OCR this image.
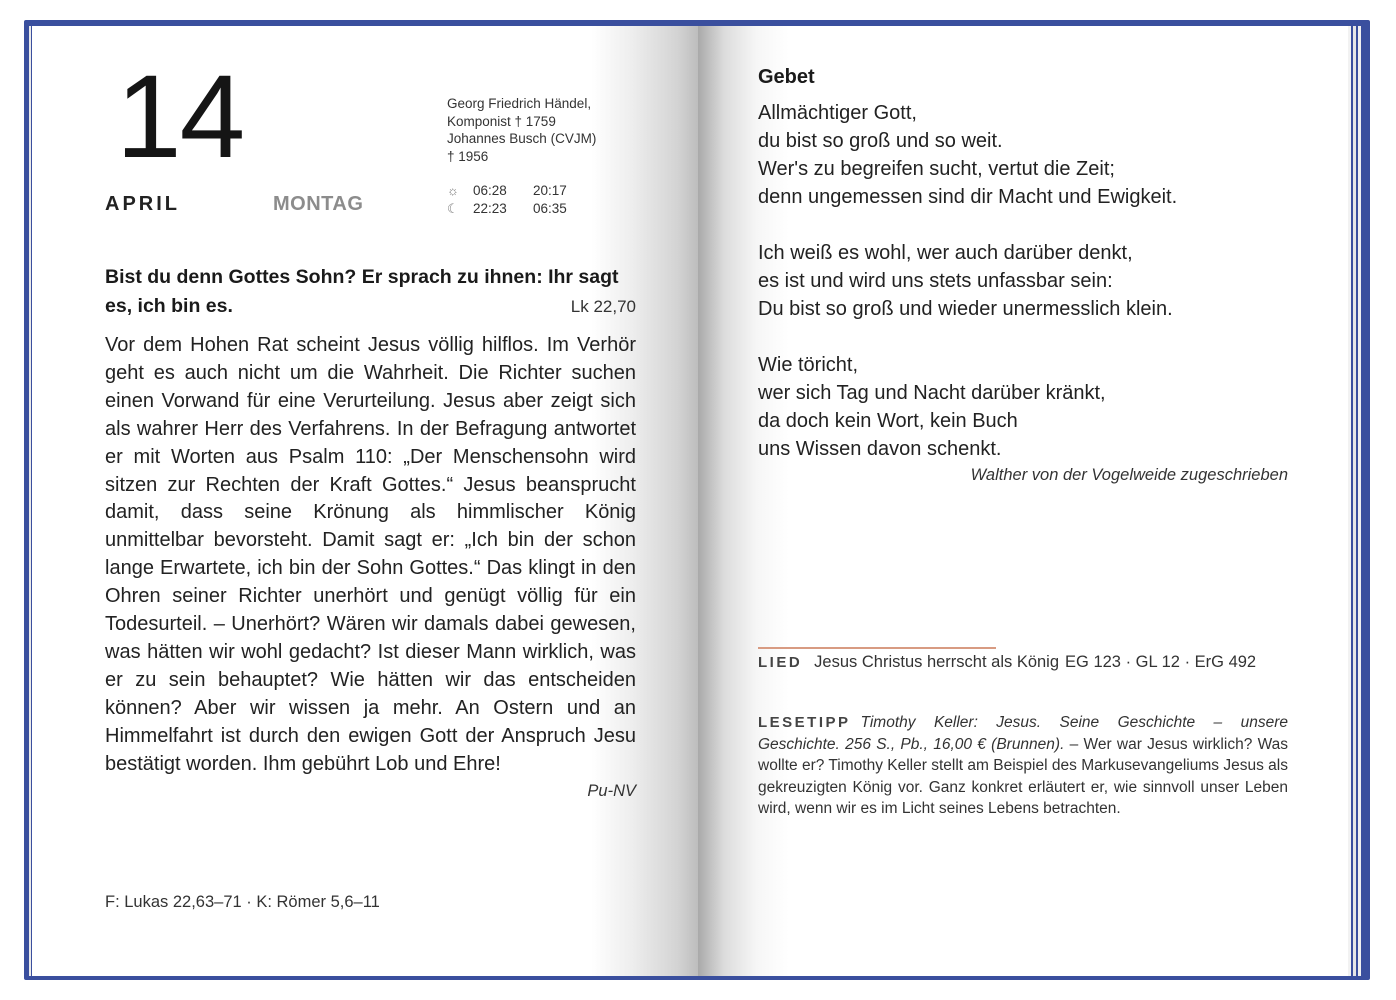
14
APRIL	MONTAG
Georg Friedrich Händel,
Komponist † 1759
Johannes Busch (CVJM)
† 1956
☼	06:28	20:17
☾	22:23	06:35

Bist du denn Gottes Sohn? Er sprach zu ihnen: Ihr sagt es, ich bin es.	Lk 22,70

Vor dem Hohen Rat scheint Jesus völlig hilflos. Im Verhör geht es auch nicht um die Wahrheit. Die Richter suchen einen Vorwand für eine Verurteilung. Jesus aber zeigt sich als wahrer Herr des Verfahrens. In der Befragung antwortet er mit Worten aus Psalm 110: „Der Menschensohn wird sitzen zur Rechten der Kraft Gottes.“ Jesus beansprucht damit, dass seine Krönung als himmlischer König unmittelbar bevorsteht. Damit sagt er: „Ich bin der schon lange Erwartete, ich bin der Sohn Gottes.“ Das klingt in den Ohren seiner Richter unerhört und genügt völlig für ein Todesurteil. – Unerhört? Wären wir damals dabei gewesen, was hätten wir wohl gedacht? Ist dieser Mann wirklich, was er zu sein behauptet? Wie hätten wir das entscheiden können? Aber wir wissen ja mehr. An Ostern und an Himmelfahrt ist durch den ewigen Gott der Anspruch Jesu bestätigt worden. Ihm gebührt Lob und Ehre!

Pu-NV
F: Lukas 22,63–71 · K: Römer 5,6–11
Gebet
Allmächtiger Gott,
du bist so groß und so weit.
Wer's zu begreifen sucht, vertut die Zeit;
denn ungemessen sind dir Macht und Ewigkeit.
Ich weiß es wohl, wer auch darüber denkt,
es ist und wird uns stets unfassbar sein:
Du bist so groß und wieder unermesslich klein.
Wie töricht,
wer sich Tag und Nacht darüber kränkt,
da doch kein Wort, kein Buch
uns Wissen davon schenkt.
Walther von der Vogelweide zugeschrieben
LIED Jesus Christus herrscht als König EG 123 · GL 12 · ErG 492

LESETIPP Timothy Keller: Jesus. Seine Geschichte – unsere Geschichte. 256 S., Pb., 16,00 € (Brunnen). – Wer war Jesus wirklich? Was wollte er? Timothy Keller stellt am Beispiel des Markusevangeliums Jesus als gekreuzigten König vor. Ganz konkret erläutert er, wie sinnvoll unser Leben wird, wenn wir es im Licht seines Lebens betrachten.
